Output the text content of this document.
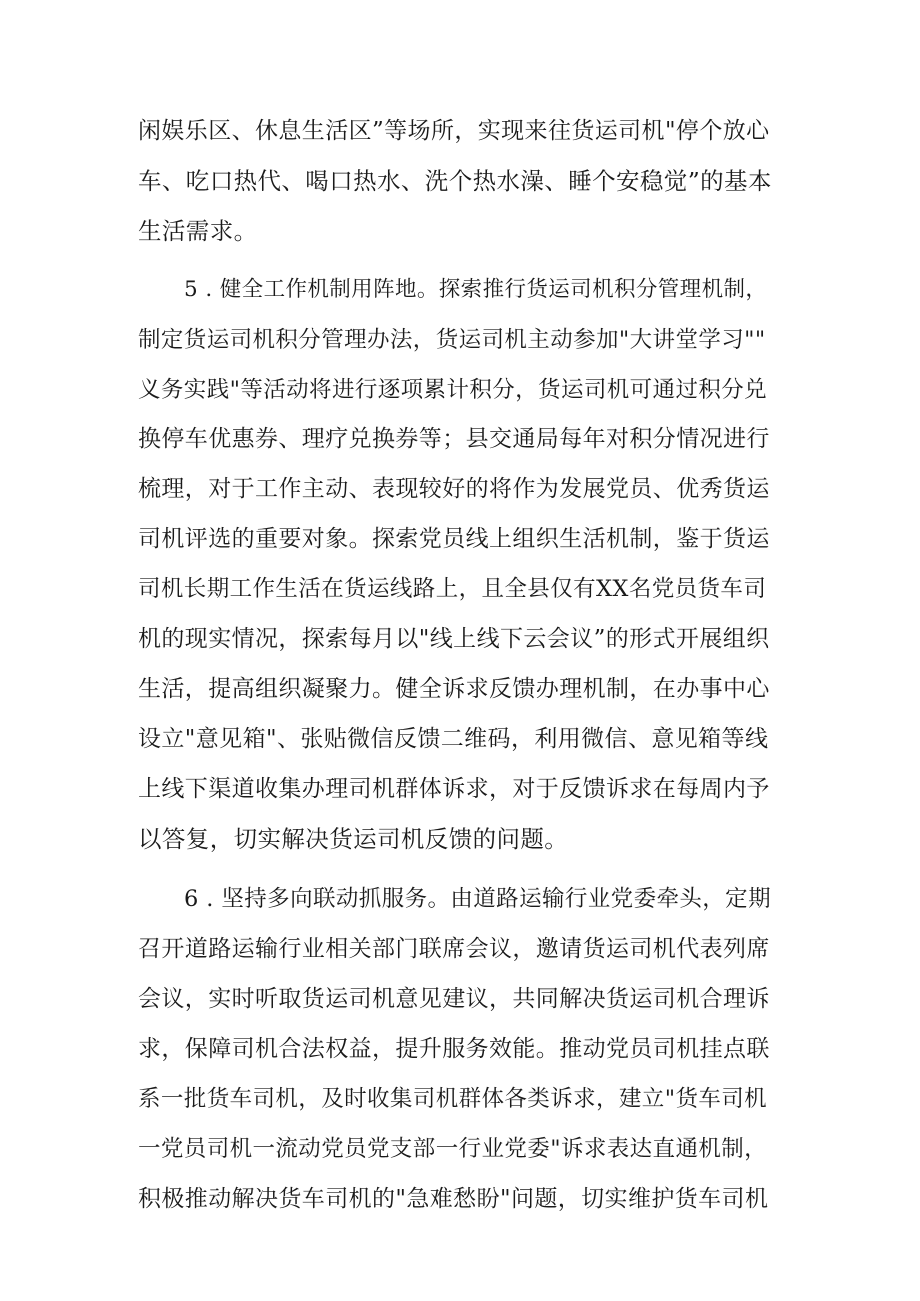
闲娱乐区、休息生活区”等场所，实现来往货运司机"停个放心

车、吃口热代、喝口热水、洗个热水澡、睡个安稳觉”的基本

生活需求。

5 . 健全工作机制用阵地。探索推行货运司机积分管理机制，

制定货运司机积分管理办法，货运司机主动参加"大讲堂学习""

义务实践"等活动将进行逐项累计积分，货运司机可通过积分兑

换停车优惠券、理疗兑换券等；县交通局每年对积分情况进行

梳理，对于工作主动、表现较好的将作为发展党员、优秀货运

司机评选的重要对象。探索党员线上组织生活机制，鉴于货运

司机长期工作生活在货运线路上，且全县仅有XX名党员货车司

机的现实情况，探索每月以"线上线下云会议”的形式开展组织

生活，提高组织凝聚力。健全诉求反馈办理机制，在办事中心

设立"意见箱"、张贴微信反馈二维码，利用微信、意见箱等线

上线下渠道收集办理司机群体诉求，对于反馈诉求在每周内予

以答复，切实解决货运司机反馈的问题。

6 . 坚持多向联动抓服务。由道路运输行业党委牵头，定期

召开道路运输行业相关部门联席会议，邀请货运司机代表列席

会议，实时听取货运司机意见建议，共同解决货运司机合理诉

求，保障司机合法权益，提升服务效能。推动党员司机挂点联

系一批货车司机，及时收集司机群体各类诉求，建立"货车司机

一党员司机一流动党员党支部一行业党委"诉求表达直通机制，

积极推动解决货车司机的"急难愁盼"问题，切实维护货车司机
